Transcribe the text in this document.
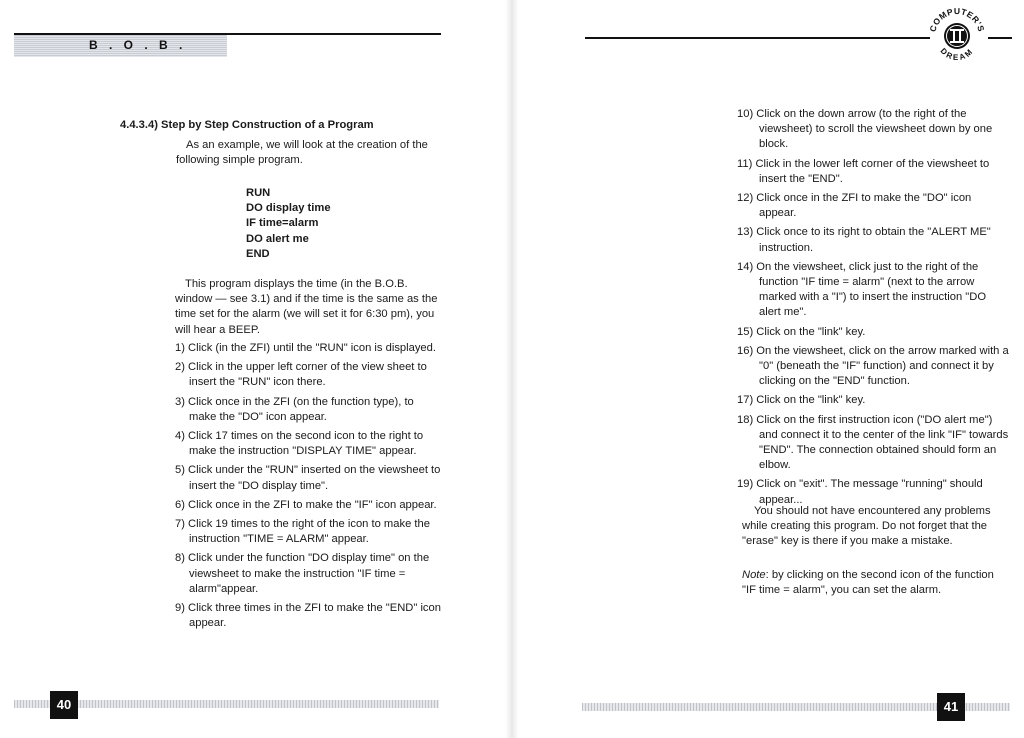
B . O . B .
4.4.3.4) Step by Step Construction of a Program
As an example, we will look at the creation of the following simple program.
RUN
DO display time
IF time=alarm
DO alert me
END
This program displays the time (in the B.O.B. window — see 3.1) and if the time is the same as the time set for the alarm (we will set it for 6:30 pm), you will hear a BEEP.
1) Click (in the ZFI) until the "RUN" icon is displayed.
2) Click in the upper left corner of the view sheet to insert the "RUN" icon there.
3) Click once in the ZFI (on the function type), to make the "DO" icon appear.
4) Click 17 times on the second icon to the right to make the instruction "DISPLAY TIME" appear.
5) Click under the "RUN" inserted on the viewsheet to insert the "DO display time".
6) Click once in the ZFI to make the "IF" icon appear.
7) Click 19 times to the right of the icon to make the instruction "TIME = ALARM" appear.
8) Click under the function "DO display time" on the viewsheet to make the instruction "IF time = alarm"appear.
9) Click three times in the ZFI to make the "END" icon appear.
40
COMPUTER'S
DREAM
10) Click on the down arrow (to the right of the viewsheet) to scroll the viewsheet down by one block.
11) Click in the lower left corner of the viewsheet to insert the "END".
12) Click once in the ZFI to make the "DO" icon appear.
13) Click once to its right to obtain the "ALERT ME" instruction.
14) On the viewsheet, click just to the right of the function "IF time = alarm" (next to the arrow marked with a "I") to insert the instruction "DO alert me".
15) Click on the "link" key.
16) On the viewsheet, click on the arrow marked with a "0" (beneath the "IF" function) and connect it by clicking on the "END" function.
17) Click on the "link" key.
18) Click on the first instruction icon ("DO alert me") and connect it to the center of the link "IF" towards "END". The connection obtained should form an elbow.
19) Click on "exit". The message "running" should appear...
You should not have encountered any problems while creating this program. Do not forget that the "erase" key is there if you make a mistake.
Note: by clicking on the second icon of the function "IF time = alarm", you can set the alarm.
41
